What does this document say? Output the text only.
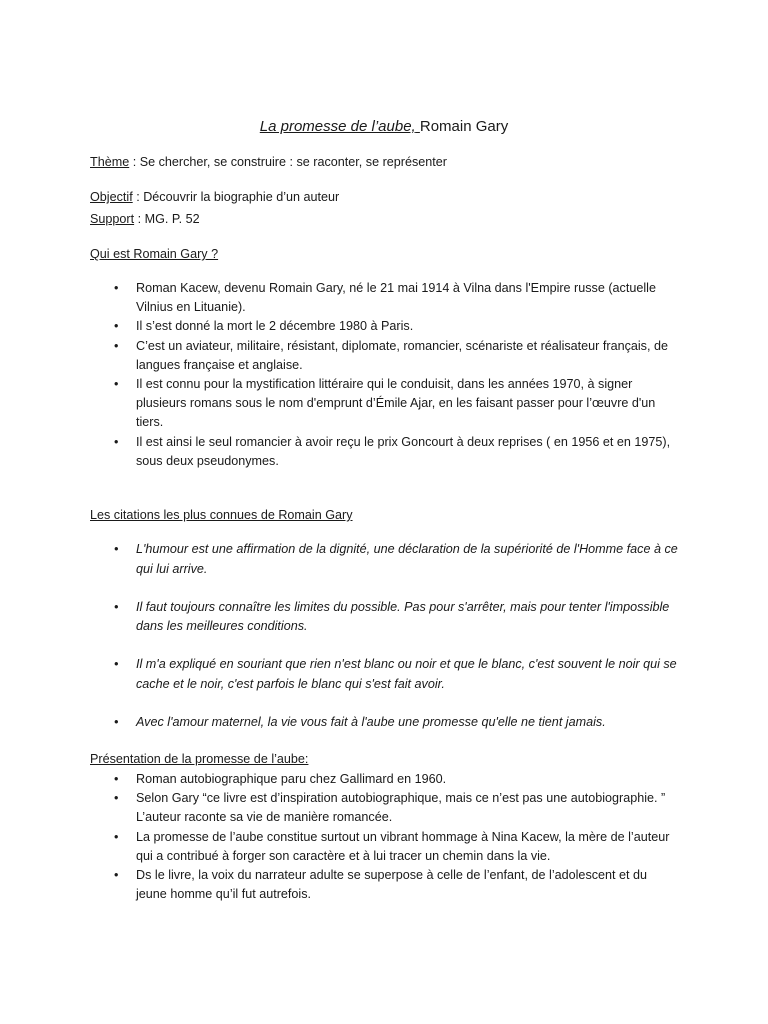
La promesse de l’aube, Romain Gary
Thème : Se chercher, se construire : se raconter, se représenter
Objectif : Découvrir la biographie d’un auteur
Support : MG. P. 52
Qui est Romain Gary ?
• Roman Kacew, devenu Romain Gary, né le 21 mai 1914 à Vilna dans l'Empire russe (actuelle Vilnius en Lituanie).
• Il s’est donné la mort le 2 décembre 1980 à Paris.
• C’est un aviateur, militaire, résistant, diplomate, romancier, scénariste et réalisateur français, de langues française et anglaise.
• Il est connu pour la mystification littéraire qui le conduisit, dans les années 1970, à signer plusieurs romans sous le nom d'emprunt d’Émile Ajar, en les faisant passer pour l’œuvre d'un tiers.
• Il est ainsi le seul romancier à avoir reçu le prix Goncourt à deux reprises ( en 1956 et en 1975), sous deux pseudonymes.
Les citations les plus connues de Romain Gary
• L'humour est une affirmation de la dignité, une déclaration de la supériorité de l'Homme face à ce qui lui arrive.
• Il faut toujours connaître les limites du possible. Pas pour s'arrêter, mais pour tenter l'impossible dans les meilleures conditions.
• Il m'a expliqué en souriant que rien n'est blanc ou noir et que le blanc, c'est souvent le noir qui se cache et le noir, c'est parfois le blanc qui s'est fait avoir.
• Avec l'amour maternel, la vie vous fait à l'aube une promesse qu'elle ne tient jamais.
Présentation de la promesse de l’aube:
• Roman autobiographique paru chez Gallimard en 1960.
• Selon Gary “ce livre est d’inspiration autobiographique, mais ce n’est pas une autobiographie. ” L’auteur raconte sa vie de manière romancée.
• La promesse de l’aube constitue surtout un vibrant hommage à Nina Kacew, la mère de l’auteur qui a contribué à forger son caractère et à lui tracer un chemin dans la vie.
• Ds le livre, la voix du narrateur adulte se superpose à celle de l’enfant, de l’adolescent et du jeune homme qu’il fut autrefois.
